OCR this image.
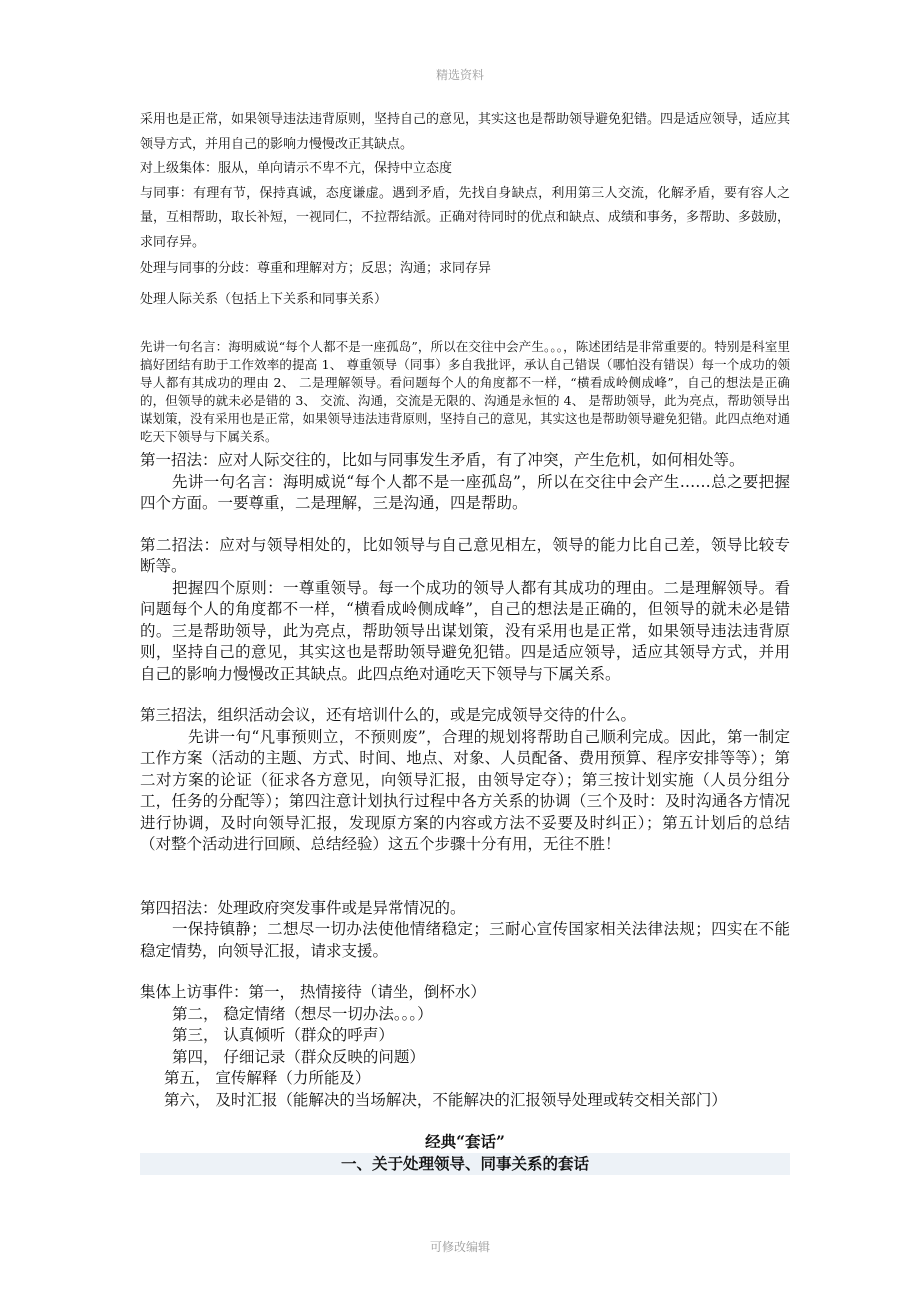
精选资料

采用也是正常，如果领导违法违背原则，坚持自己的意见，其实这也是帮助领导避免犯错。四是适应领导，适应其领导方式，并用自己的影响力慢慢改正其缺点。

对上级集体：服从，单向请示不卑不亢，保持中立态度

与同事：有理有节，保持真诚，态度谦虚。遇到矛盾，先找自身缺点，利用第三人交流，化解矛盾，要有容人之量，互相帮助，取长补短，一视同仁，不拉帮结派。正确对待同时的优点和缺点、成绩和事务，多帮助、多鼓励，求同存异。

处理与同事的分歧：尊重和理解对方；反思；沟通；求同存异

处理人际关系（包括上下关系和同事关系）

先讲一句名言：海明威说“每个人都不是一座孤岛”，所以在交往中会产生。。。，陈述团结是非常重要的。特别是科室里搞好团结有助于工作效率的提高 1、 尊重领导（同事）多自我批评，承认自己错误（哪怕没有错误）每一个成功的领导人都有其成功的理由 2、 二是理解领导。看问题每个人的角度都不一样，“横看成岭侧成峰”，自己的想法是正确的，但领导的就未必是错的 3、 交流、沟通，交流是无限的、沟通是永恒的 4、 是帮助领导，此为亮点，帮助领导出谋划策，没有采用也是正常，如果领导违法违背原则，坚持自己的意见，其实这也是帮助领导避免犯错。此四点绝对通吃天下领导与下属关系。

第一招法：应对人际交往的，比如与同事发生矛盾，有了冲突，产生危机，如何相处等。

先讲一句名言：海明威说“每个人都不是一座孤岛”，所以在交往中会产生……总之要把握四个方面。一要尊重，二是理解，三是沟通，四是帮助。

第二招法：应对与领导相处的，比如领导与自己意见相左，领导的能力比自己差，领导比较专断等。

把握四个原则：一尊重领导。每一个成功的领导人都有其成功的理由。二是理解领导。看问题每个人的角度都不一样，“横看成岭侧成峰”，自己的想法是正确的，但领导的就未必是错的。三是帮助领导，此为亮点，帮助领导出谋划策，没有采用也是正常，如果领导违法违背原则，坚持自己的意见，其实这也是帮助领导避免犯错。四是适应领导，适应其领导方式，并用自己的影响力慢慢改正其缺点。此四点绝对通吃天下领导与下属关系。

第三招法，组织活动会议，还有培训什么的，或是完成领导交待的什么。

先讲一句“凡事预则立，不预则废”，合理的规划将帮助自己顺利完成。因此，第一制定工作方案（活动的主题、方式、时间、地点、对象、人员配备、费用预算、程序安排等等）；第二对方案的论证（征求各方意见，向领导汇报，由领导定夺）；第三按计划实施（人员分组分工，任务的分配等）；第四注意计划执行过程中各方关系的协调（三个及时：及时沟通各方情况进行协调，及时向领导汇报，发现原方案的内容或方法不妥要及时纠正）；第五计划后的总结（对整个活动进行回顾、总结经验）这五个步骤十分有用，无往不胜！

第四招法：处理政府突发事件或是异常情况的。

一保持镇静；二想尽一切办法使他情绪稳定；三耐心宣传国家相关法律法规；四实在不能稳定情势，向领导汇报，请求支援。

集体上访事件：第一， 热情接待（请坐，倒杯水）

第二， 稳定情绪（想尽一切办法。。。）

第三， 认真倾听（群众的呼声）

第四， 仔细记录（群众反映的问题）

第五， 宣传解释（力所能及）

第六， 及时汇报（能解决的当场解决，不能解决的汇报领导处理或转交相关部门）

经典“套话”

一、关于处理领导、同事关系的套话

可修改编辑
